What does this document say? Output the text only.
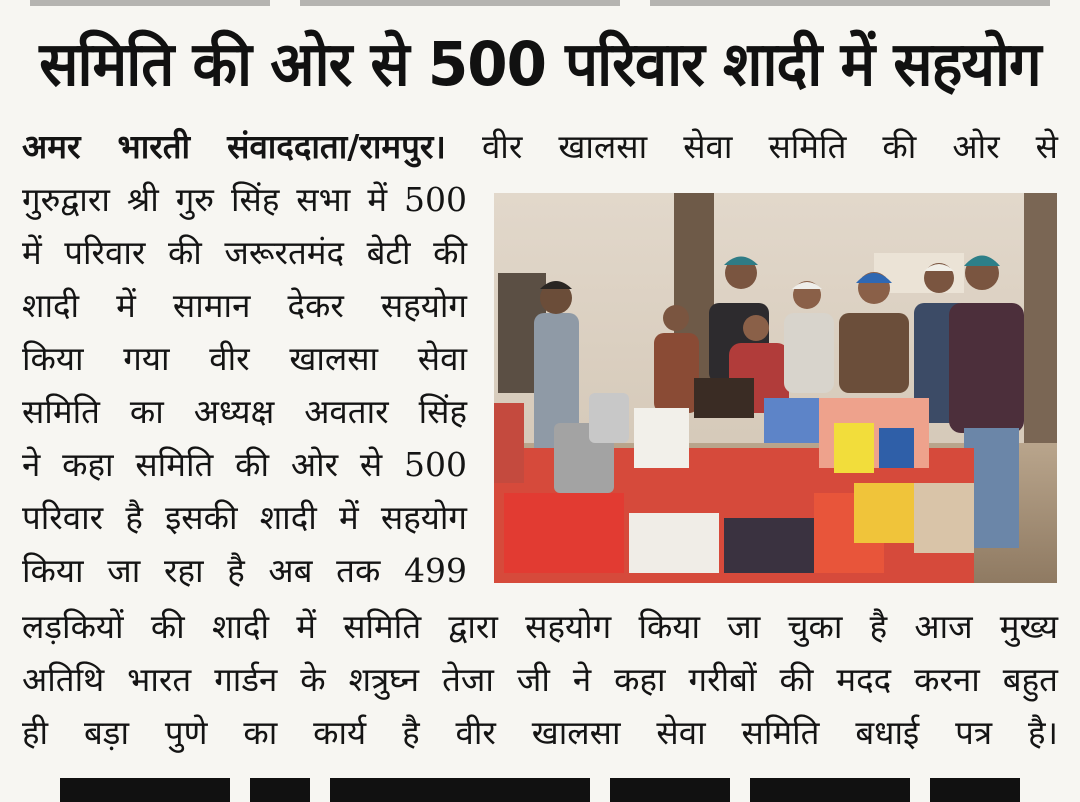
समिति की ओर से 500 परिवार शादी में सहयोग
अमर भारती संवाददाता/रामपुर। वीर खालसा सेवा समिति की ओर से
गुरुद्वारा श्री गुरु सिंह सभा में 500
में परिवार की जरूरतमंद बेटी की
शादी में सामान देकर सहयोग
किया गया वीर खालसा सेवा
समिति का अध्यक्ष अवतार सिंह
ने कहा समिति की ओर से 500
परिवार है इसकी शादी में सहयोग
किया जा रहा है अब तक 499
लड़कियों की शादी में समिति द्वारा सहयोग किया जा चुका है आज मुख्य
अतिथि भारत गार्डन के शत्रुघ्न तेजा जी ने कहा गरीबों की मदद करना बहुत
ही बड़ा पुणे का कार्य है वीर खालसा सेवा समिति बधाई पत्र है।
